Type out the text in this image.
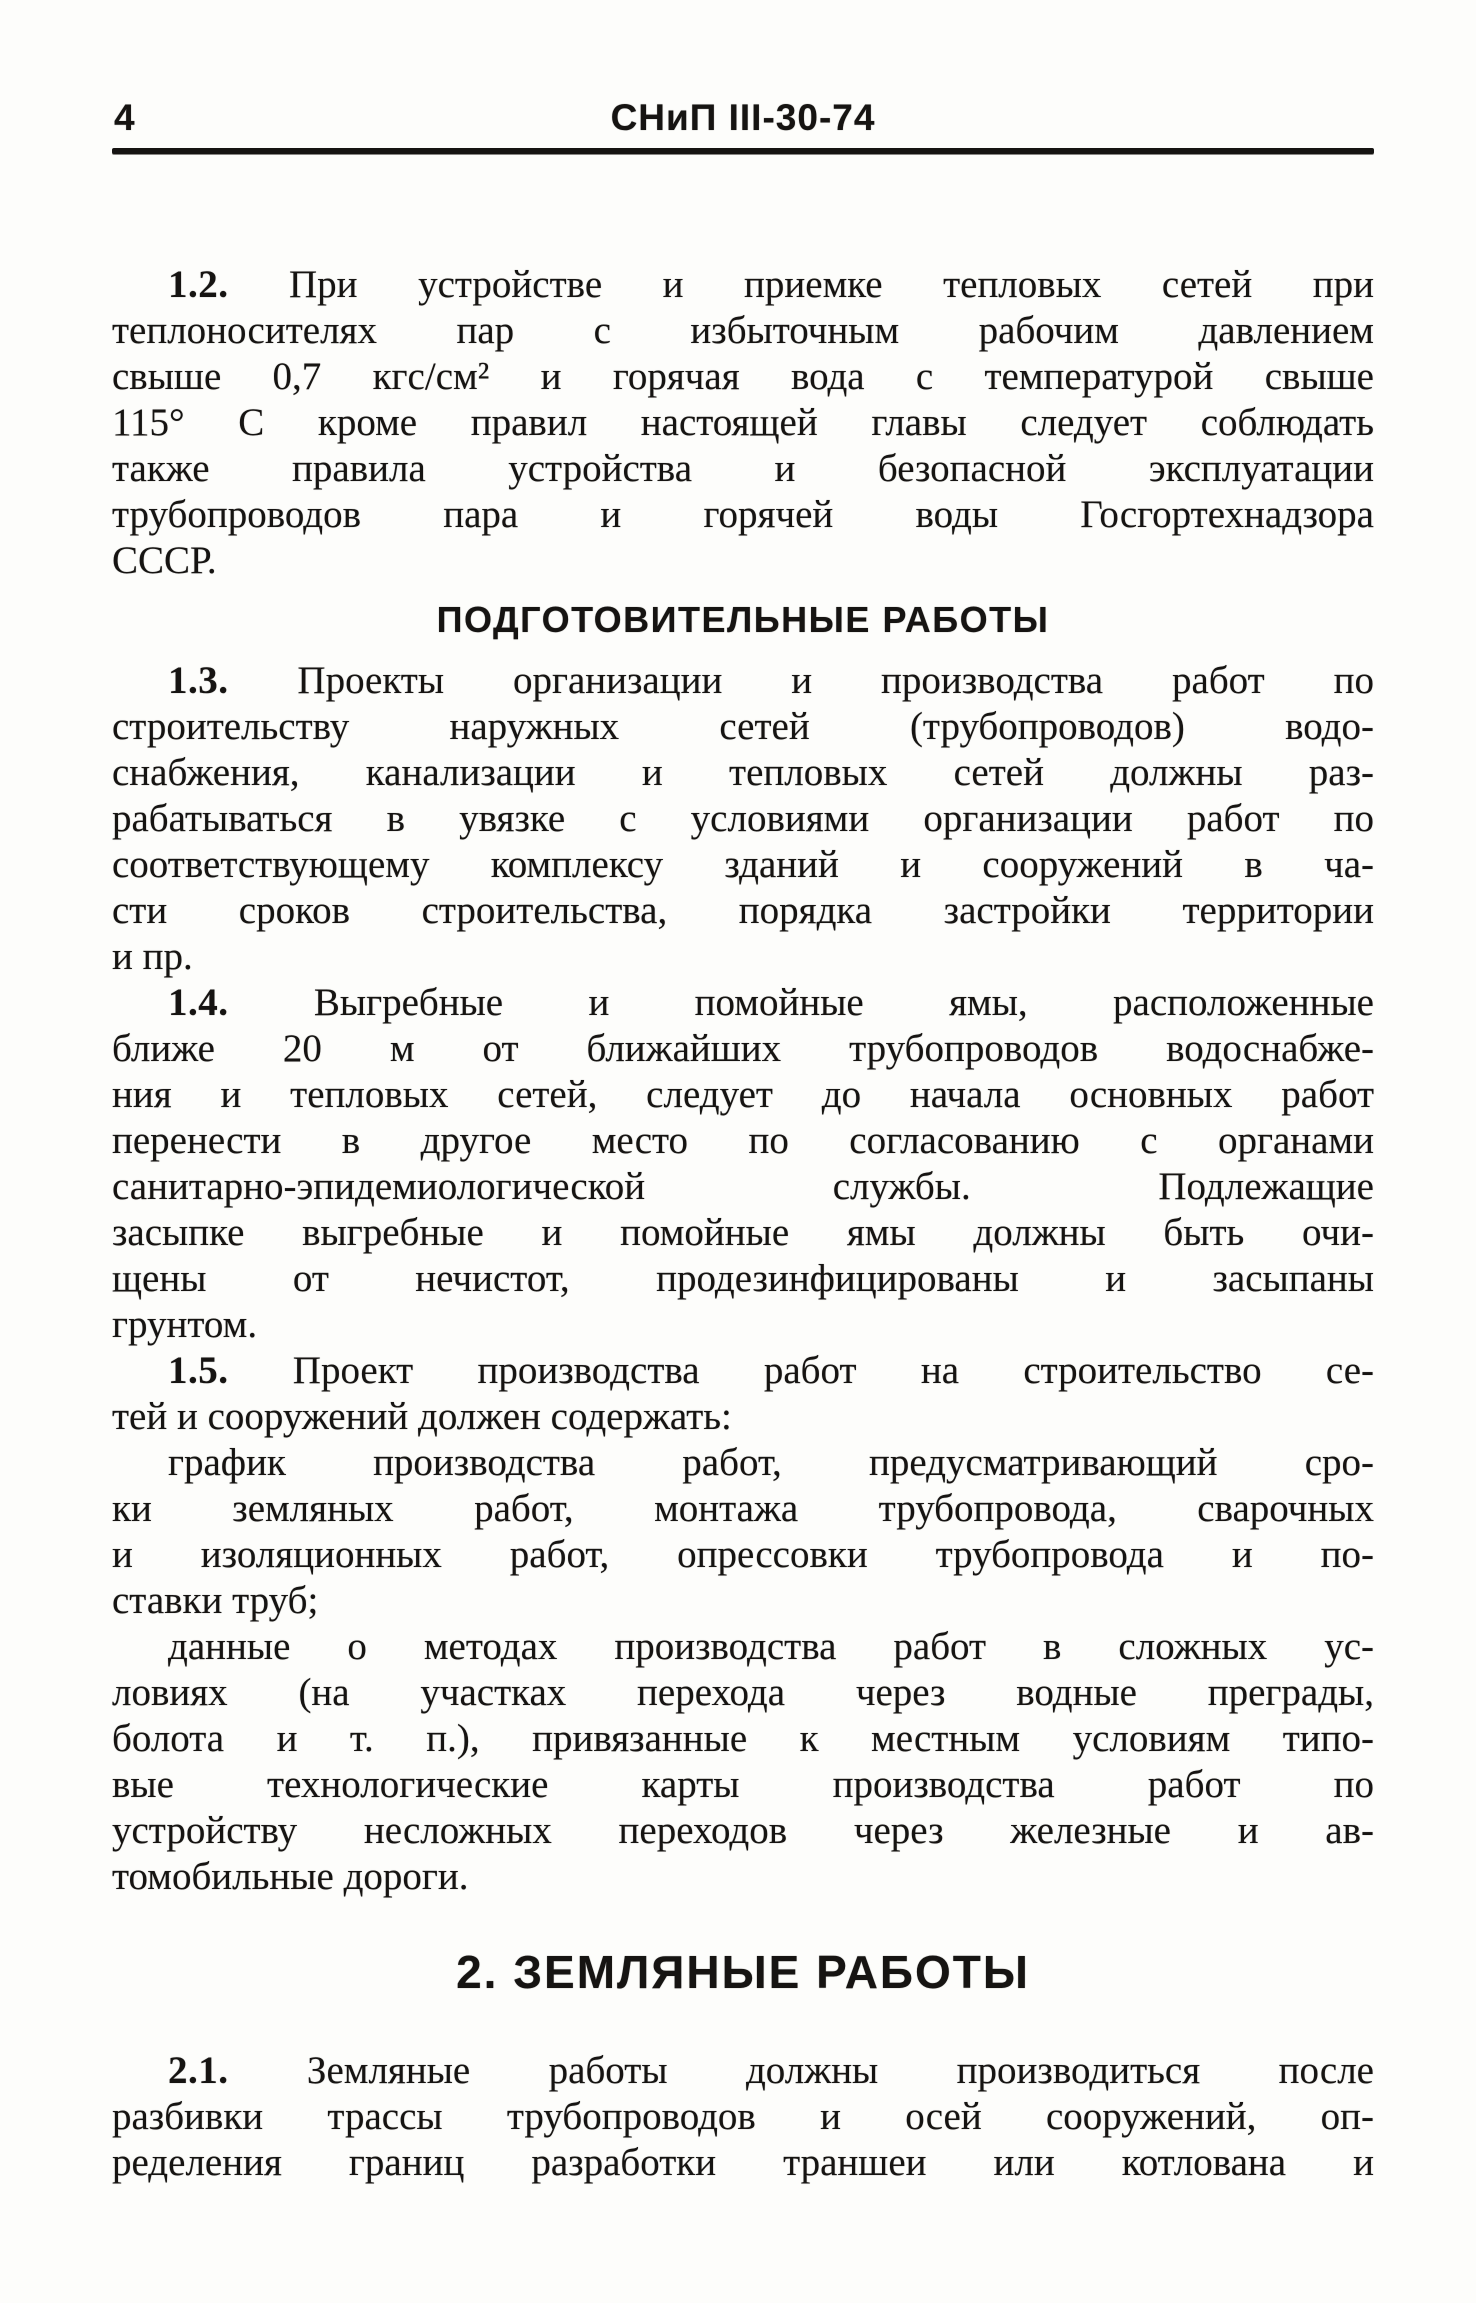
4	СНиП III-30-74
1.2. При устройстве и приемке тепловых сетей при
теплоносителях пар с избыточным рабочим давлением
свыше 0,7 кгс/см² и горячая вода с температурой свыше
115° С кроме правил настоящей главы следует соблюдать
также правила устройства и безопасной эксплуатации
трубопроводов пара и горячей воды Госгортехнадзора
СССР.
ПОДГОТОВИТЕЛЬНЫЕ РАБОТЫ
1.3. Проекты организации и производства работ по
строительству наружных сетей (трубопроводов) водо-
снабжения, канализации и тепловых сетей должны раз-
рабатываться в увязке с условиями организации работ по
соответствующему комплексу зданий и сооружений в ча-
сти сроков строительства, порядка застройки территории
и пр.
1.4. Выгребные и помойные ямы, расположенные
ближе 20 м от ближайших трубопроводов водоснабже-
ния и тепловых сетей, следует до начала основных работ
перенести в другое место по согласованию с органами
санитарно-эпидемиологической службы. Подлежащие
засыпке выгребные и помойные ямы должны быть очи-
щены от нечистот, продезинфицированы и засыпаны
грунтом.
1.5. Проект производства работ на строительство се-
тей и сооружений должен содержать:
график производства работ, предусматривающий сро-
ки земляных работ, монтажа трубопровода, сварочных
и изоляционных работ, опрессовки трубопровода и по-
ставки труб;
данные о методах производства работ в сложных ус-
ловиях (на участках перехода через водные преграды,
болота и т. п.), привязанные к местным условиям типо-
вые технологические карты производства работ по
устройству несложных переходов через железные и ав-
томобильные дороги.
2. ЗЕМЛЯНЫЕ РАБОТЫ
2.1. Земляные работы должны производиться после
разбивки трассы трубопроводов и осей сооружений, оп-
ределения границ разработки траншеи или котлована и
